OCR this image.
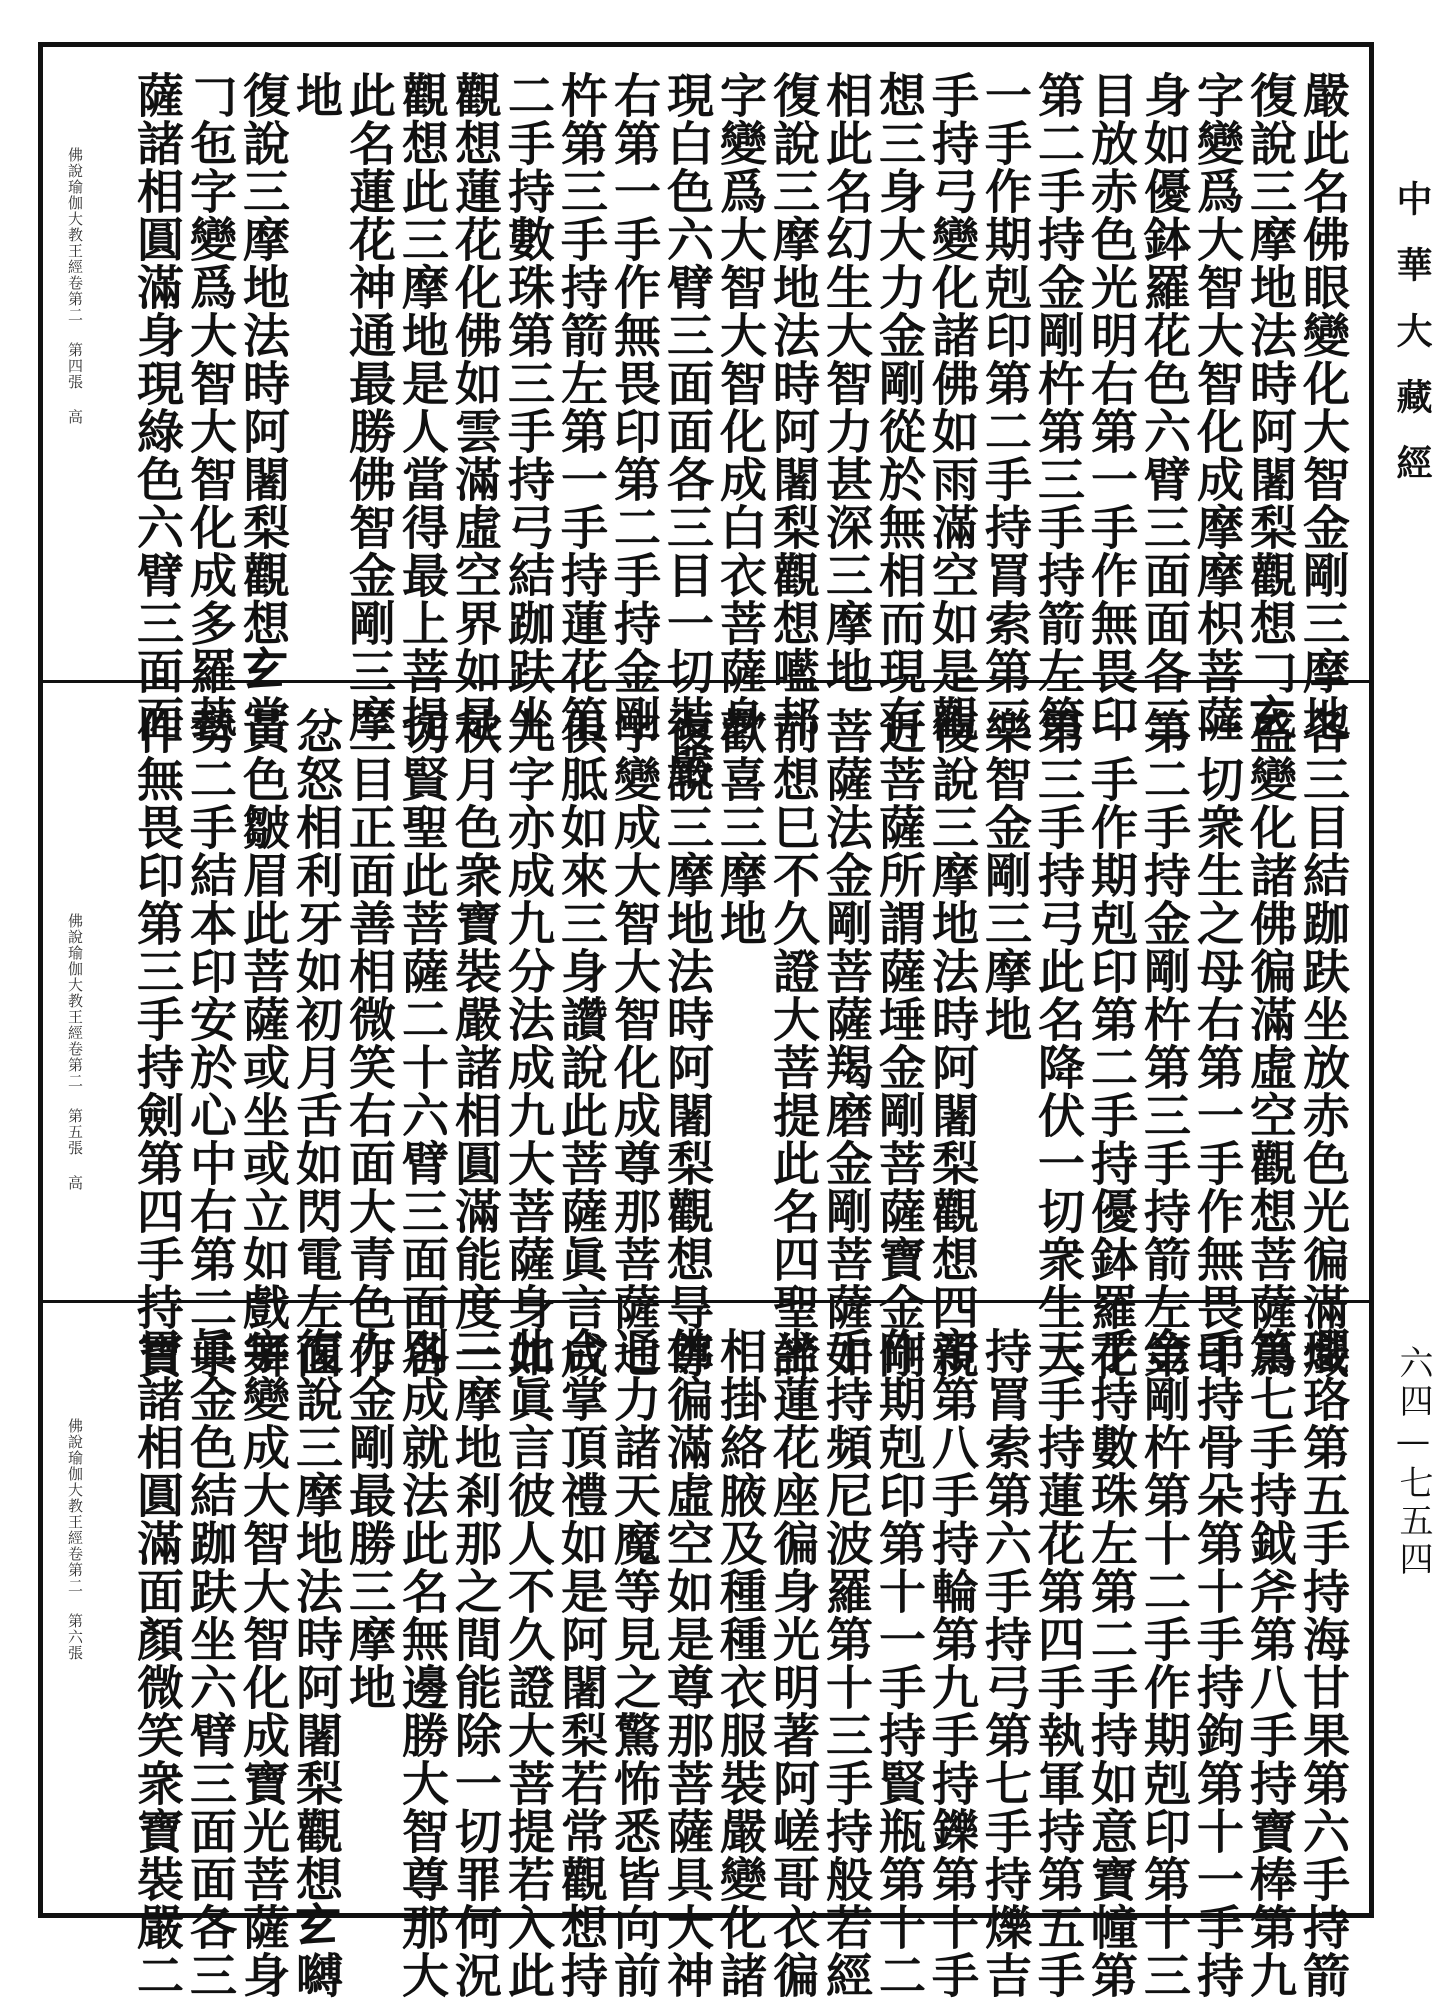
嚴此名佛眼變化大智金剛三摩地
復說三摩地法時阿闍梨觀想𠃌𤣥
字變爲大智大智化成摩摩枳菩薩
身如優鉢羅花色六臂三面面各三
目放赤色光明右第一手作無畏印
第二手持金剛杵第三手持箭左第
一手作期剋印第二手持罥索第三
手持弓變化諸佛如雨滿空如是觀
想三身大力金剛從於無相而現有
相此名幻生大智力甚深三摩地
復說三摩地法時阿闍梨觀想㘕邦
字變爲大智大智化成白衣菩薩身
現白色六臂三面面各三目一切裝嚴
右第一手作無畏印第二手持金剛
杵第三手持箭左第一手持蓮花第
二手持數珠第三手持弓結跏趺坐
觀想蓮花化佛如雲滿虛空界如是
觀想此三摩地是人當得最上菩提
此名蓮花神通最勝佛智金剛三摩
地
復說三摩地法時阿闍梨觀想𤣥當
𠃌㐌字變爲大智大智化成多羅菩
薩諸相圓滿身現綠色六臂三面面
佛說瑜伽大教王經卷第二 第四張 高
各三目結跏趺坐放赤色光徧滿熾
盛變化諸佛徧滿虛空觀想菩薩爲
一切衆生之母右第一手作無畏印
第二手持金剛杵第三手持箭左第
一手作期剋印第二手持優鉢羅花
第三手持弓此名降伏一切衆生大
樂智金剛三摩地
復說三摩地法時阿闍梨觀想四親
近菩薩所謂薩埵金剛菩薩寶金剛
菩薩法金剛菩薩羯磨金剛菩薩如
前想巳不久證大菩提此名四聖諦
歡喜三摩地
復說三摩地法時阿闍梨觀想㝵尊
字變成大智大智化成尊那菩薩七
俱胝如來三身讚說此菩薩眞言成
九字亦成九分法成九大菩薩身如
秋月色衆寶裝嚴諸相圓滿能度一
切賢聖此菩薩二十六臂三面面各
三目正面善相微笑右面大青色作
忿怒相利牙如初月舌如閃電左面
黃色皺眉此菩薩或坐或立如戲舞
勢二手結本印安於心中右第二手
作無畏印第三手持劍第四手持寶
佛說瑜伽大教王經卷第二 第五張 高
瓔珞第五手持海甘果第六手持箭
第七手持鉞斧第八手持寶棒第九
手持骨朵第十手持鉤第十一手持
金剛杵第十二手作期剋印第十三
手持數珠左第二手持如意寶幢第
三手持蓮花第四手執軍持第五手
持罥索第六手持弓第七手持爍吉
帝第八手持輪第九手持鑠第十手
作期剋印第十一手持賢瓶第十二
手持頻尼波羅第十三手持般若經
坐蓮花座徧身光明著阿嵯哥衣徧
相掛絡腋及種種衣服裝嚴變化諸
佛徧滿虛空如是尊那菩薩具大神
通力諸天魔等見之驚怖悉皆向前
合掌頂禮如是阿闍梨若常觀想持
此眞言彼人不久證大菩提若入此
三摩地剎那之間能除一切罪何況
別成就法此名無邊勝大智尊那大
力金剛最勝三摩地
復說三摩地法時阿闍梨觀想𤣥嚩
字變成大智大智化成寶光菩薩身
眞金色結跏趺坐六臂三面面各三
目諸相圓滿面顏微笑衆寶裝嚴二
佛說瑜伽大教王經卷第二 第六張
中華大藏經
六四—七五四
